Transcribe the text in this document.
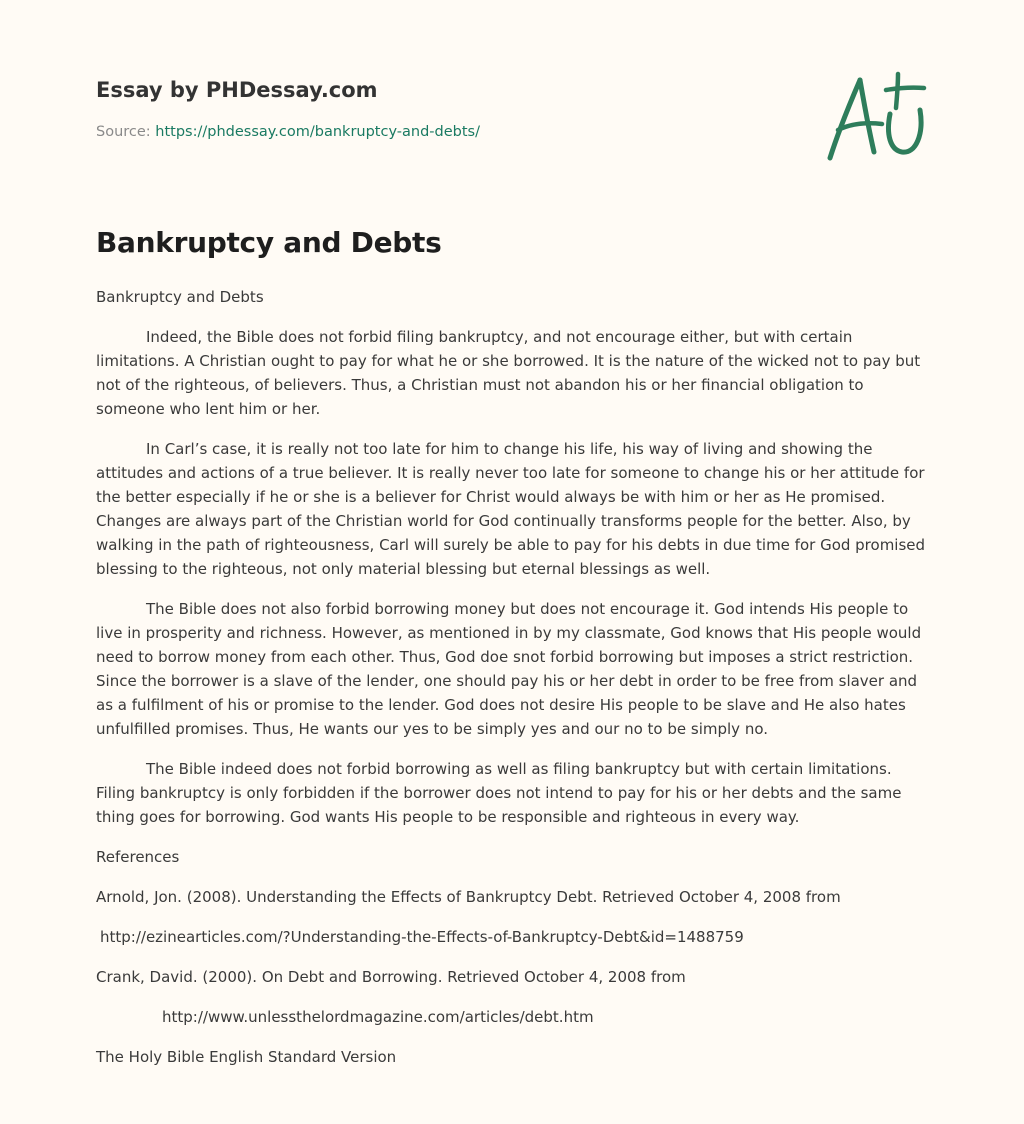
Essay by PHDessay.com
Source: https://phdessay.com/bankruptcy-and-debts/
Bankruptcy and Debts

Bankruptcy and Debts

Indeed, the Bible does not forbid filing bankruptcy, and not encourage either, but with certain limitations. A Christian ought to pay for what he or she borrowed. It is the nature of the wicked not to pay but not of the righteous, of believers. Thus, a Christian must not abandon his or her financial obligation to someone who lent him or her.

In Carl’s case, it is really not too late for him to change his life, his way of living and showing the attitudes and actions of a true believer. It is really never too late for someone to change his or her attitude for the better especially if he or she is a believer for Christ would always be with him or her as He promised. Changes are always part of the Christian world for God continually transforms people for the better. Also, by walking in the path of righteousness, Carl will surely be able to pay for his debts in due time for God promised blessing to the righteous, not only material blessing but eternal blessings as well.

The Bible does not also forbid borrowing money but does not encourage it. God intends His people to live in prosperity and richness. However, as mentioned in by my classmate, God knows that His people would need to borrow money from each other. Thus, God doe snot forbid borrowing but imposes a strict restriction. Since the borrower is a slave of the lender, one should pay his or her debt in order to be free from slaver and as a fulfilment of his or promise to the lender. God does not desire His people to be slave and He also hates unfulfilled promises. Thus, He wants our yes to be simply yes and our no to be simply no.

The Bible indeed does not forbid borrowing as well as filing bankruptcy but with certain limitations. Filing bankruptcy is only forbidden if the borrower does not intend to pay for his or her debts and the same thing goes for borrowing. God wants His people to be responsible and righteous in every way.

References

Arnold, Jon. (2008). Understanding the Effects of Bankruptcy Debt. Retrieved October 4, 2008 from

http://ezinearticles.com/?Understanding-the-Effects-of-Bankruptcy-Debt&id=1488759

Crank, David. (2000). On Debt and Borrowing. Retrieved October 4, 2008 from

http://www.unlessthelordmagazine.com/articles/debt.htm

The Holy Bible English Standard Version
